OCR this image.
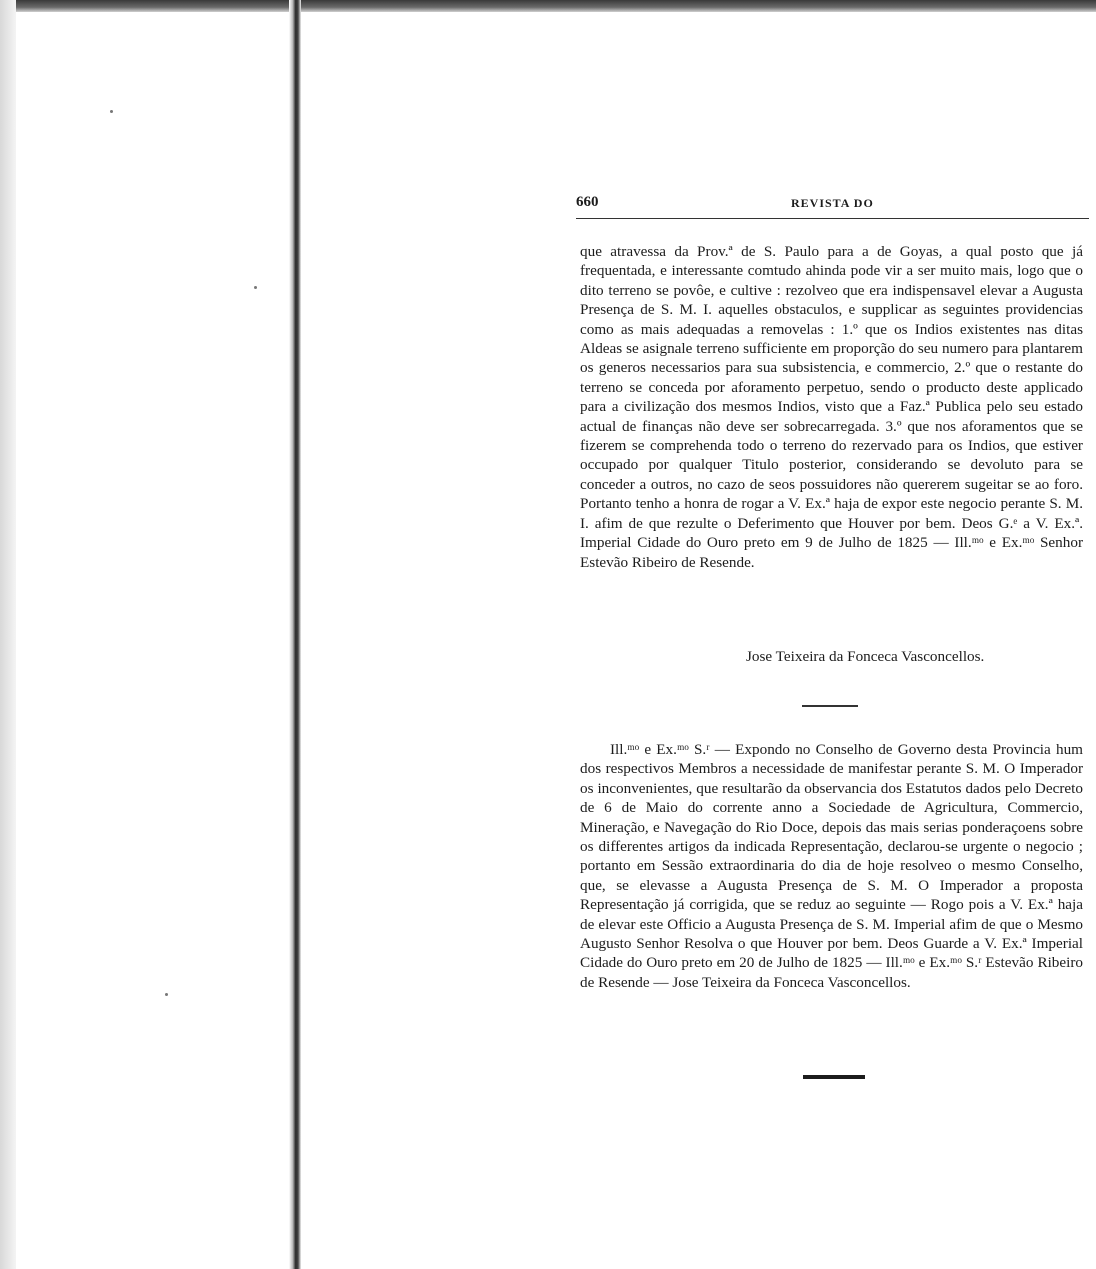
660	REVISTA DO
que atravessa da Prov.ª de S. Paulo para a de Goyas, a qual posto que já frequentada, e interessante comtudo ahinda pode vir a ser muito mais, logo que o dito terreno se povôe, e cultive : rezolveo que era indispensavel elevar a Augusta Presença de S. M. I. aquelles obstaculos, e supplicar as seguintes providencias como as mais adequadas a removelas : 1.º que os Indios existentes nas ditas Aldeas se asignale terreno sufficiente em proporção do seu numero para plantarem os generos necessarios para sua subsistencia, e commercio, 2.º que o restante do terreno se conceda por aforamento perpetuo, sendo o producto deste applicado para a civilização dos mesmos Indios, visto que a Faz.ª Publica pelo seu estado actual de finanças não deve ser sobrecarregada. 3.º que nos aforamentos que se fizerem se comprehenda todo o terreno do rezervado para os Indios, que estiver occupado por qualquer Titulo posterior, considerando se devoluto para se conceder a outros, no cazo de seos possuidores não quererem sugeitar se ao foro. Portanto tenho a honra de rogar a V. Ex.ª haja de expor este negocio perante S. M. I. afim de que rezulte o Deferimento que Houver por bem. Deos G.ᵉ a V. Ex.ª. Imperial Cidade do Ouro preto em 9 de Julho de 1825 — Ill.ᵐᵒ e Ex.ᵐᵒ Senhor Estevão Ribeiro de Resende.
Jose Teixeira da Fonceca Vasconcellos.
Ill.ᵐᵒ e Ex.ᵐᵒ S.ʳ — Expondo no Conselho de Governo desta Provincia hum dos respectivos Membros a necessidade de manifestar perante S. M. O Imperador os inconvenientes, que resultarão da observancia dos Estatutos dados pelo Decreto de 6 de Maio do corrente anno a Sociedade de Agricultura, Commercio, Mineração, e Navegação do Rio Doce, depois das mais serias ponderaçoens sobre os differentes artigos da indicada Representação, declarou-se urgente o negocio ; portanto em Sessão extraordinaria do dia de hoje resolveo o mesmo Conselho, que, se elevasse a Augusta Presença de S. M. O Imperador a proposta Representação já corrigida, que se reduz ao seguinte — Rogo pois a V. Ex.ª haja de elevar este Officio a Augusta Presença de S. M. Imperial afim de que o Mesmo Augusto Senhor Resolva o que Houver por bem. Deos Guarde a V. Ex.ª Imperial Cidade do Ouro preto em 20 de Julho de 1825 — Ill.ᵐᵒ e Ex.ᵐᵒ S.ʳ Estevão Ribeiro de Resende — Jose Teixeira da Fonceca Vasconcellos.
